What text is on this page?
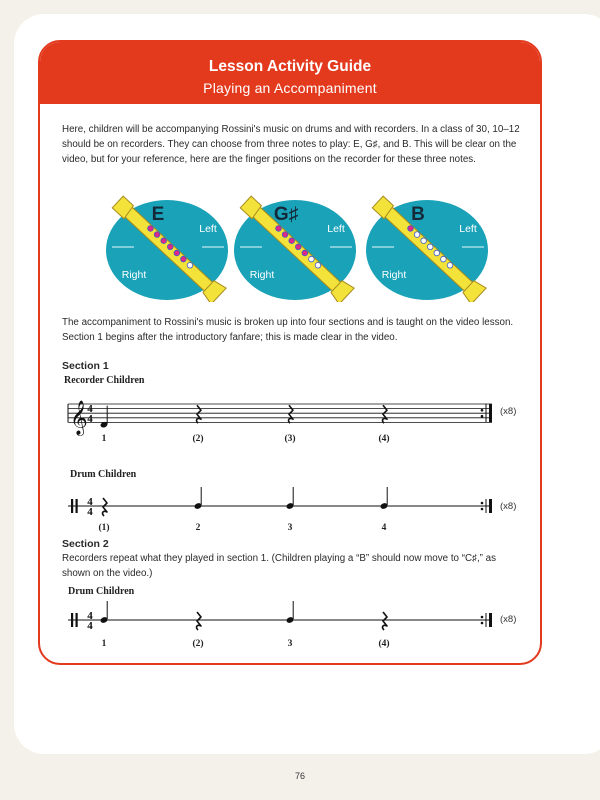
Lesson Activity Guide
Playing an Accompaniment

Here, children will be accompanying Rossini's music on drums and with recorders. In a class of 30, 10–12 should be on recorders. They can choose from three notes to play: E, G♯, and B. This will be clear on the video, but for your reference, here are the finger positions on the recorder for these three notes.

E
Left
Right
G♯
Left
Right
B
Left
Right

The accompaniment to Rossini's music is broken up into four sections and is taught on the video lesson. Section 1 begins after the introductory fanfare; this is made clear in the video.

Section 1
Recorder Children
𝄞 4
4
(x8)
1	(2)	(3)	(4)
Drum Children
4
4	(x8)
(1)	2	3	4
Section 2

Recorders repeat what they played in section 1. (Children playing a “B” should now move to “C♯,” as shown on the video.)

Drum Children
4
4
(x8)
1	(2)	3	(4)
76
